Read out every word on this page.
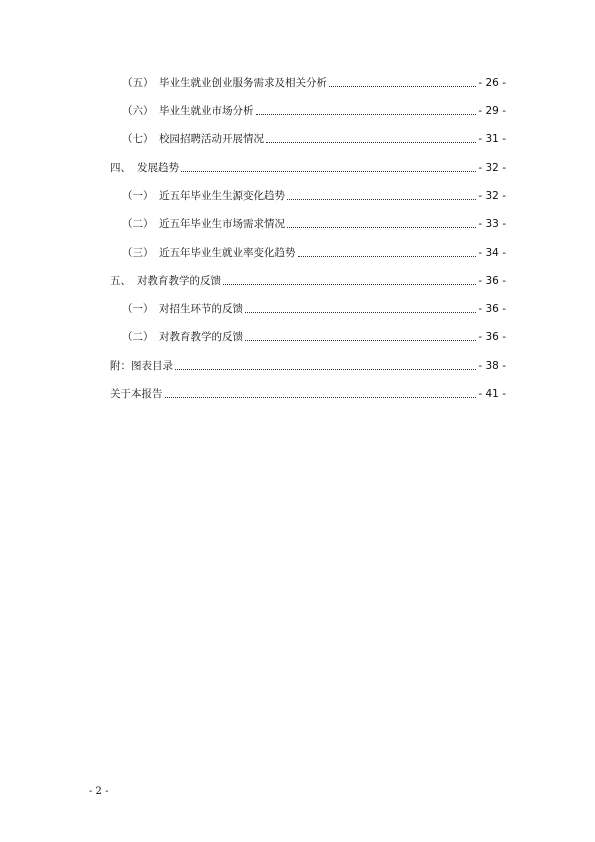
（五） 毕业生就业创业服务需求及相关分析	- 26 -
（六） 毕业生就业市场分析	- 29 -
（七） 校园招聘活动开展情况	- 31 -
四、 发展趋势	- 32 -
（一） 近五年毕业生生源变化趋势	- 32 -
（二） 近五年毕业生市场需求情况	- 33 -
（三） 近五年毕业生就业率变化趋势	- 34 -
五、 对教育教学的反馈	- 36 -
（一） 对招生环节的反馈	- 36 -
（二） 对教育教学的反馈	- 36 -
附：图表目录	- 38 -
关于本报告	- 41 -
- 2 -
